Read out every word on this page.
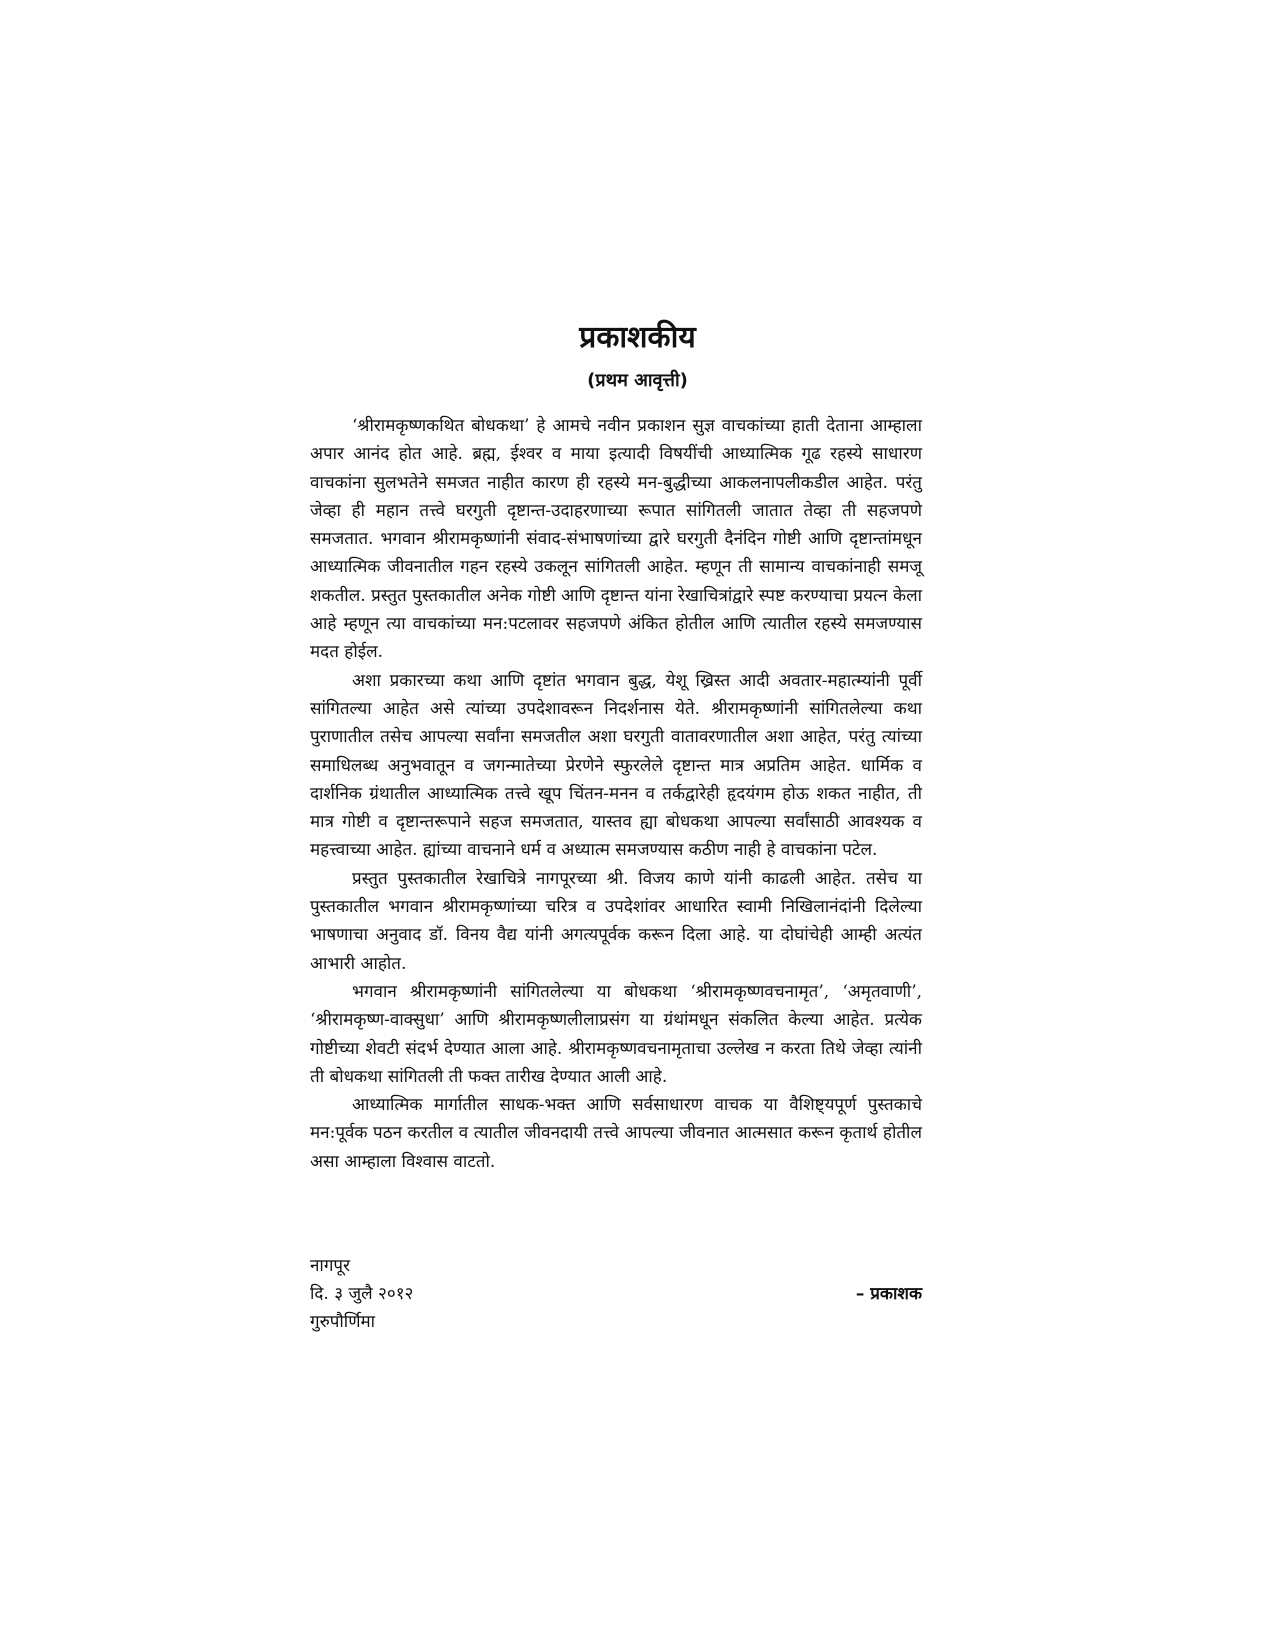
प्रकाशकीय
(प्रथम आवृत्ती)

‘श्रीरामकृष्णकथित बोधकथा’ हे आमचे नवीन प्रकाशन सुज्ञ वाचकांच्या हाती देताना आम्हाला अपार आनंद होत आहे. ब्रह्म, ईश्वर व माया इत्यादी विषयींची आध्यात्मिक गूढ रहस्ये साधारण वाचकांना सुलभतेने समजत नाहीत कारण ही रहस्ये मन-बुद्धीच्या आकलनापलीकडील आहेत. परंतु जेव्हा ही महान तत्त्वे घरगुती दृष्टान्त-उदाहरणाच्या रूपात सांगितली जातात तेव्हा ती सहजपणे समजतात. भगवान श्रीरामकृष्णांनी संवाद-संभाषणांच्या द्वारे घरगुती दैनंदिन गोष्टी आणि दृष्टान्तांमधून आध्यात्मिक जीवनातील गहन रहस्ये उकलून सांगितली आहेत. म्हणून ती सामान्य वाचकांनाही समजू शकतील. प्रस्तुत पुस्तकातील अनेक गोष्टी आणि दृष्टान्त यांना रेखाचित्रांद्वारे स्पष्ट करण्याचा प्रयत्न केला आहे म्हणून त्या वाचकांच्या मन:पटलावर सहजपणे अंकित होतील आणि त्यातील रहस्ये समजण्यास मदत होईल.

अशा प्रकारच्या कथा आणि दृष्टांत भगवान बुद्ध, येशू ख्रिस्त आदी अवतार-महात्म्यांनी पूर्वी सांगितल्या आहेत असे त्यांच्या उपदेशावरून निदर्शनास येते. श्रीरामकृष्णांनी सांगितलेल्या कथा पुराणातील तसेच आपल्या सर्वांना समजतील अशा घरगुती वातावरणातील अशा आहेत, परंतु त्यांच्या समाधिलब्ध अनुभवातून व जगन्मातेच्या प्रेरणेने स्फुरलेले दृष्टान्त मात्र अप्रतिम आहेत. धार्मिक व दार्शनिक ग्रंथातील आध्यात्मिक तत्त्वे खूप चिंतन-मनन व तर्कद्वारेही हृदयंगम होऊ शकत नाहीत, ती मात्र गोष्टी व दृष्टान्तरूपाने सहज समजतात, यास्तव ह्या बोधकथा आपल्या सर्वांसाठी आवश्यक व महत्त्वाच्या आहेत. ह्यांच्या वाचनाने धर्म व अध्यात्म समजण्यास कठीण नाही हे वाचकांना पटेल.

प्रस्तुत पुस्तकातील रेखाचित्रे नागपूरच्या श्री. विजय काणे यांनी काढली आहेत. तसेच या पुस्तकातील भगवान श्रीरामकृष्णांच्या चरित्र व उपदेशांवर आधारित स्वामी निखिलानंदांनी दिलेल्या भाषणाचा अनुवाद डॉ. विनय वैद्य यांनी अगत्यपूर्वक करून दिला आहे. या दोघांचेही आम्ही अत्यंत आभारी आहोत.

भगवान श्रीरामकृष्णांनी सांगितलेल्या या बोधकथा ‘श्रीरामकृष्णवचनामृत’, ‘अमृतवाणी’, ‘श्रीरामकृष्ण-वाक्सुधा’ आणि श्रीरामकृष्णलीलाप्रसंग या ग्रंथांमधून संकलित केल्या आहेत. प्रत्येक गोष्टीच्या शेवटी संदर्भ देण्यात आला आहे. श्रीरामकृष्णवचनामृताचा उल्लेख न करता तिथे जेव्हा त्यांनी ती बोधकथा सांगितली ती फक्त तारीख देण्यात आली आहे.

आध्यात्मिक मार्गातील साधक-भक्त आणि सर्वसाधारण वाचक या वैशिष्ट्यपूर्ण पुस्तकाचे मन:पूर्वक पठन करतील व त्यातील जीवनदायी तत्त्वे आपल्या जीवनात आत्मसात करून कृतार्थ होतील असा आम्हाला विश्वास वाटतो.

नागपूर
दि. ३ जुलै २०१२
गुरुपौर्णिमा
– प्रकाशक
